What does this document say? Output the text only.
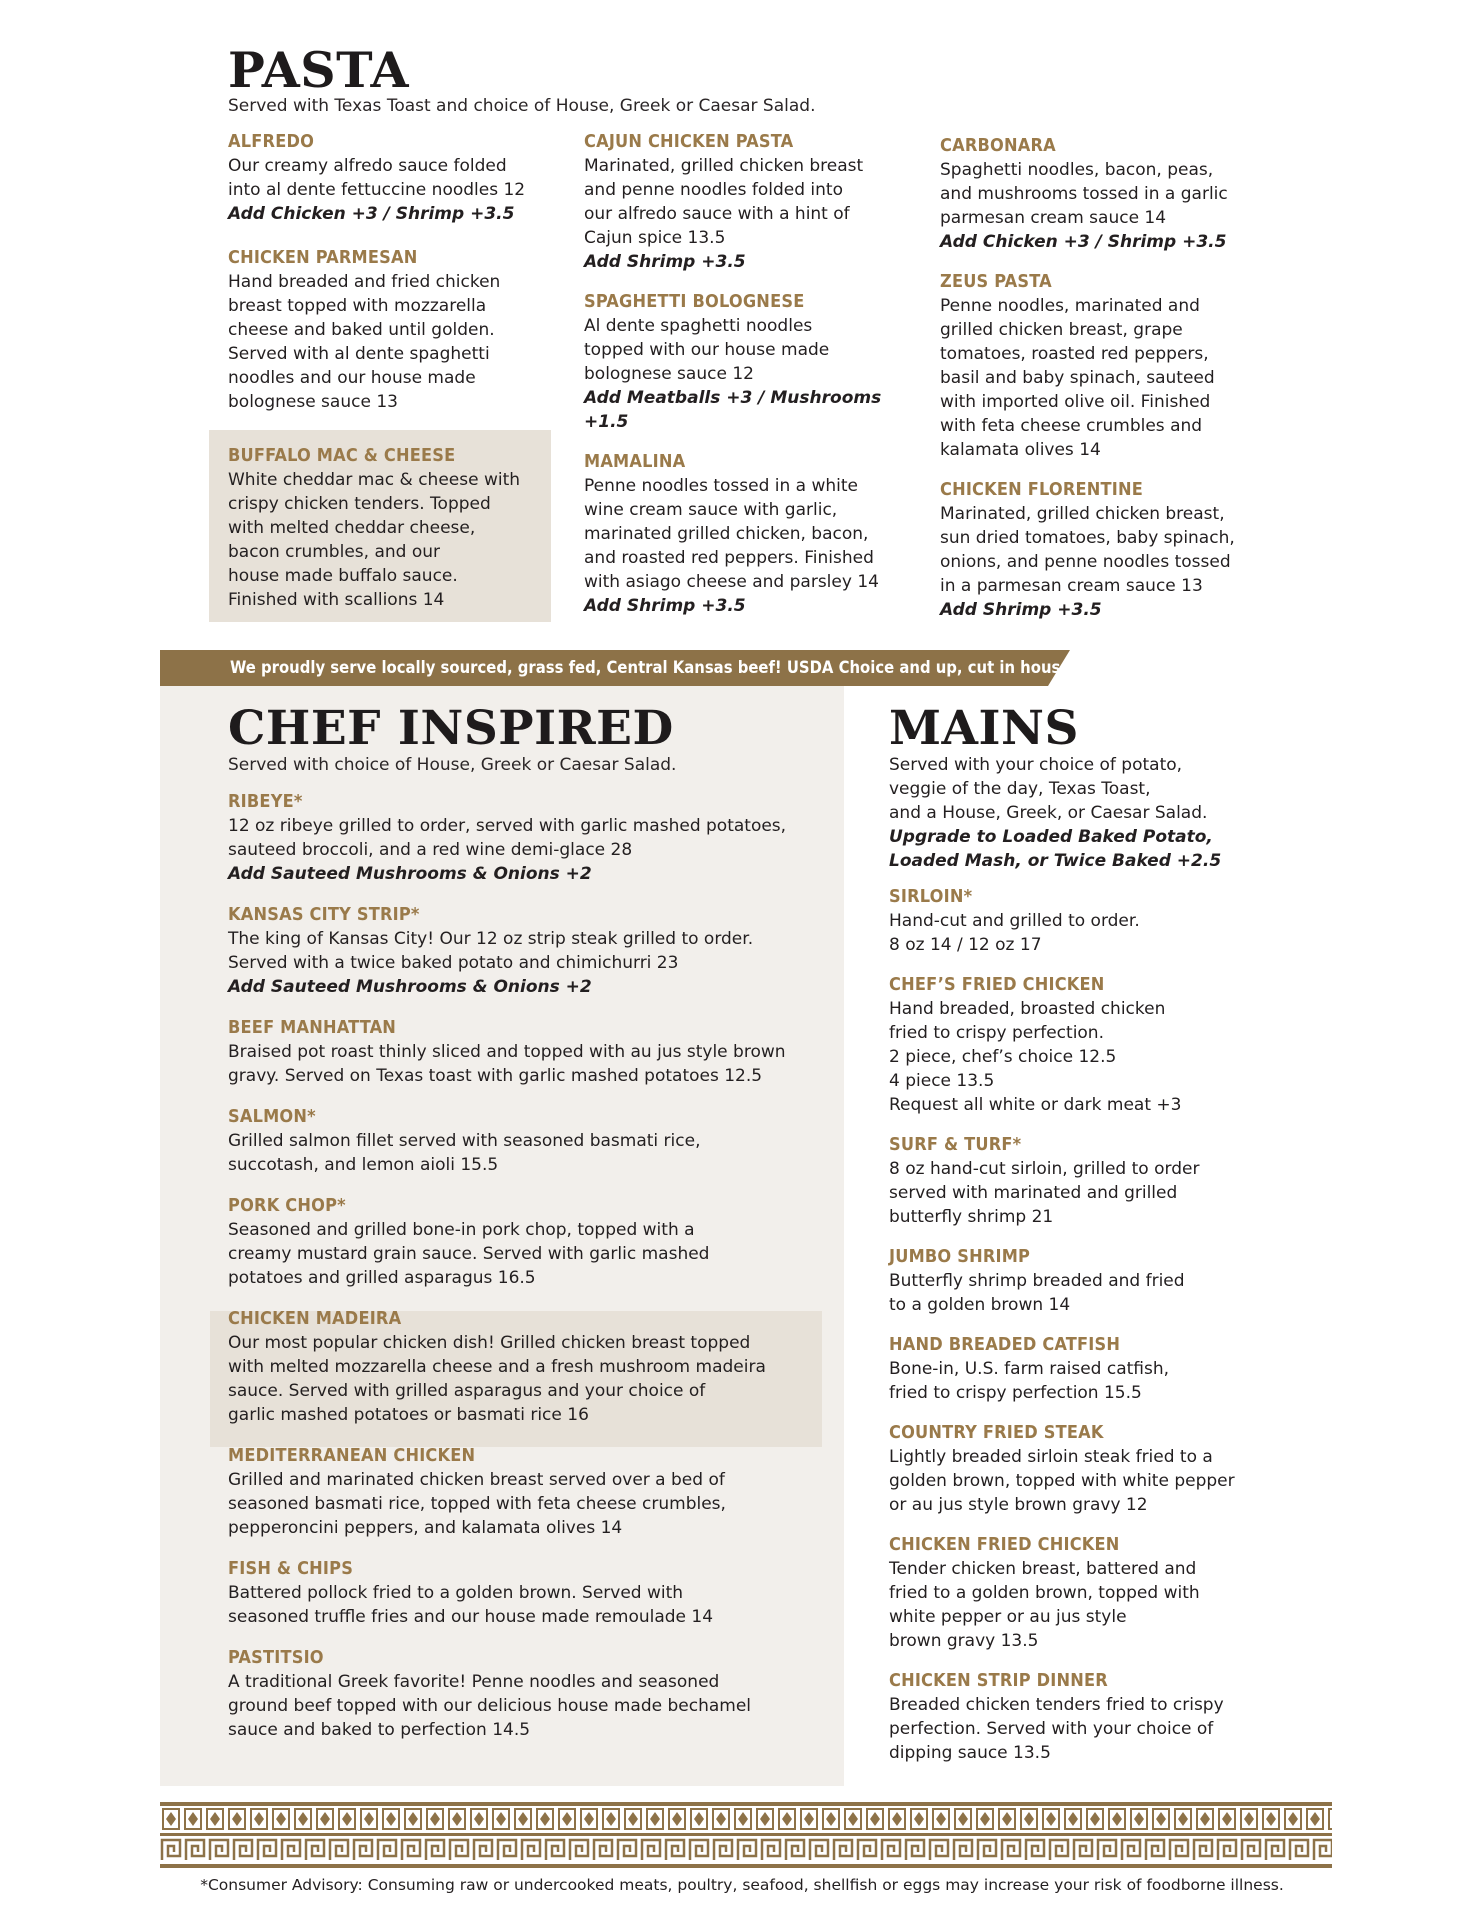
PASTA
Served with Texas Toast and choice of House, Greek or Caesar Salad.
ALFREDO
Our creamy alfredo sauce folded
into al dente fettuccine noodles 12
Add Chicken +3 / Shrimp +3.5
CHICKEN PARMESAN
Hand breaded and fried chicken
breast topped with mozzarella
cheese and baked until golden.
Served with al dente spaghetti
noodles and our house made
bolognese sauce 13
BUFFALO MAC & CHEESE
White cheddar mac & cheese with
crispy chicken tenders. Topped
with melted cheddar cheese,
bacon crumbles, and our
house made buffalo sauce.
Finished with scallions 14
CAJUN CHICKEN PASTA
Marinated, grilled chicken breast
and penne noodles folded into
our alfredo sauce with a hint of
Cajun spice 13.5
Add Shrimp +3.5
SPAGHETTI BOLOGNESE
Al dente spaghetti noodles
topped with our house made
bolognese sauce 12
Add Meatballs +3 / Mushrooms +1.5
MAMALINA
Penne noodles tossed in a white
wine cream sauce with garlic,
marinated grilled chicken, bacon,
and roasted red peppers. Finished
with asiago cheese and parsley 14
Add Shrimp +3.5
CARBONARA
Spaghetti noodles, bacon, peas,
and mushrooms tossed in a garlic
parmesan cream sauce 14
Add Chicken +3 / Shrimp +3.5
ZEUS PASTA
Penne noodles, marinated and
grilled chicken breast, grape
tomatoes, roasted red peppers,
basil and baby spinach, sauteed
with imported olive oil. Finished
with feta cheese crumbles and
kalamata olives 14
CHICKEN FLORENTINE
Marinated, grilled chicken breast,
sun dried tomatoes, baby spinach,
onions, and penne noodles tossed
in a parmesan cream sauce 13
Add Shrimp +3.5
We proudly serve locally sourced, grass fed, Central Kansas beef! USDA Choice and up, cut in house!
CHEF INSPIRED
Served with choice of House, Greek or Caesar Salad.
RIBEYE*
12 oz ribeye grilled to order, served with garlic mashed potatoes,
sauteed broccoli, and a red wine demi-glace 28
Add Sauteed Mushrooms & Onions +2
KANSAS CITY STRIP*
The king of Kansas City! Our 12 oz strip steak grilled to order.
Served with a twice baked potato and chimichurri 23
Add Sauteed Mushrooms & Onions +2
BEEF MANHATTAN
Braised pot roast thinly sliced and topped with au jus style brown
gravy. Served on Texas toast with garlic mashed potatoes 12.5
SALMON*
Grilled salmon fillet served with seasoned basmati rice,
succotash, and lemon aioli 15.5
PORK CHOP*
Seasoned and grilled bone-in pork chop, topped with a
creamy mustard grain sauce. Served with garlic mashed
potatoes and grilled asparagus 16.5
CHICKEN MADEIRA
Our most popular chicken dish! Grilled chicken breast topped
with melted mozzarella cheese and a fresh mushroom madeira
sauce. Served with grilled asparagus and your choice of
garlic mashed potatoes or basmati rice 16
MEDITERRANEAN CHICKEN
Grilled and marinated chicken breast served over a bed of
seasoned basmati rice, topped with feta cheese crumbles,
pepperoncini peppers, and kalamata olives 14
FISH & CHIPS
Battered pollock fried to a golden brown. Served with
seasoned truffle fries and our house made remoulade 14
PASTITSIO
A traditional Greek favorite! Penne noodles and seasoned
ground beef topped with our delicious house made bechamel
sauce and baked to perfection 14.5
MAINS
Served with your choice of potato,
veggie of the day, Texas Toast,
and a House, Greek, or Caesar Salad.
Upgrade to Loaded Baked Potato,
Loaded Mash, or Twice Baked +2.5
SIRLOIN*
Hand-cut and grilled to order.
8 oz 14 / 12 oz 17
CHEF’S FRIED CHICKEN
Hand breaded, broasted chicken
fried to crispy perfection.
2 piece, chef’s choice 12.5
4 piece 13.5
Request all white or dark meat +3
SURF & TURF*
8 oz hand-cut sirloin, grilled to order
served with marinated and grilled
butterfly shrimp 21
JUMBO SHRIMP
Butterfly shrimp breaded and fried
to a golden brown 14
HAND BREADED CATFISH
Bone-in, U.S. farm raised catfish,
fried to crispy perfection 15.5
COUNTRY FRIED STEAK
Lightly breaded sirloin steak fried to a
golden brown, topped with white pepper
or au jus style brown gravy 12
CHICKEN FRIED CHICKEN
Tender chicken breast, battered and
fried to a golden brown, topped with
white pepper or au jus style
brown gravy 13.5
CHICKEN STRIP DINNER
Breaded chicken tenders fried to crispy
perfection. Served with your choice of
dipping sauce 13.5
*Consumer Advisory: Consuming raw or undercooked meats, poultry, seafood, shellfish or eggs may increase your risk of foodborne illness.
